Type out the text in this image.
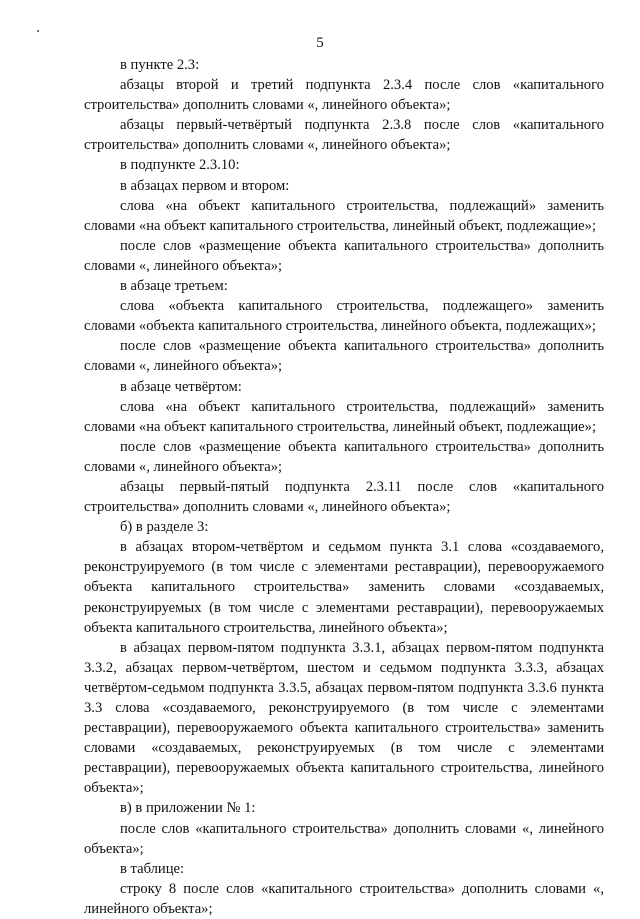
5

в пункте 2.3:

абзацы второй и третий подпункта 2.3.4 после слов «капитального строительства» дополнить словами «, линейного объекта»;

абзацы первый-четвёртый подпункта 2.3.8 после слов «капитального строительства» дополнить словами «, линейного объекта»;

в подпункте 2.3.10:

в абзацах первом и втором:

слова «на объект капитального строительства, подлежащий» заменить словами «на объект капитального строительства, линейный объект, подлежащие»;

после слов «размещение объекта капитального строительства» дополнить словами «, линейного объекта»;

в абзаце третьем:

слова «объекта капитального строительства, подлежащего» заменить словами «объекта капитального строительства, линейного объекта, подлежащих»;

после слов «размещение объекта капитального строительства» дополнить словами «, линейного объекта»;

в абзаце четвёртом:

слова «на объект капитального строительства, подлежащий» заменить словами «на объект капитального строительства, линейный объект, подлежащие»;

после слов «размещение объекта капитального строительства» дополнить словами «, линейного объекта»;

абзацы первый-пятый подпункта 2.3.11 после слов «капитального строительства» дополнить словами «, линейного объекта»;

б) в разделе 3:

в абзацах втором-четвёртом и седьмом пункта 3.1 слова «создаваемого, реконструируемого (в том числе с элементами реставрации), перевооружаемого объекта капитального строительства» заменить словами «создаваемых, реконструируемых (в том числе с элементами реставрации), перевооружаемых объекта капитального строительства, линейного объекта»;

в абзацах первом-пятом подпункта 3.3.1, абзацах первом-пятом подпункта 3.3.2, абзацах первом-четвёртом, шестом и седьмом подпункта 3.3.3, абзацах четвёртом-седьмом подпункта 3.3.5, абзацах первом-пятом подпункта 3.3.6 пункта 3.3 слова «создаваемого, реконструируемого (в том числе с элементами реставрации), перевооружаемого объекта капитального строительства» заменить словами «создаваемых, реконструируемых (в том числе с элементами реставрации), перевооружаемых объекта капитального строительства, линейного объекта»;

в) в приложении № 1:

после слов «капитального строительства» дополнить словами «, линейного объекта»;

в таблице:

строку 8 после слов «капитального строительства» дополнить словами «, линейного объекта»;
